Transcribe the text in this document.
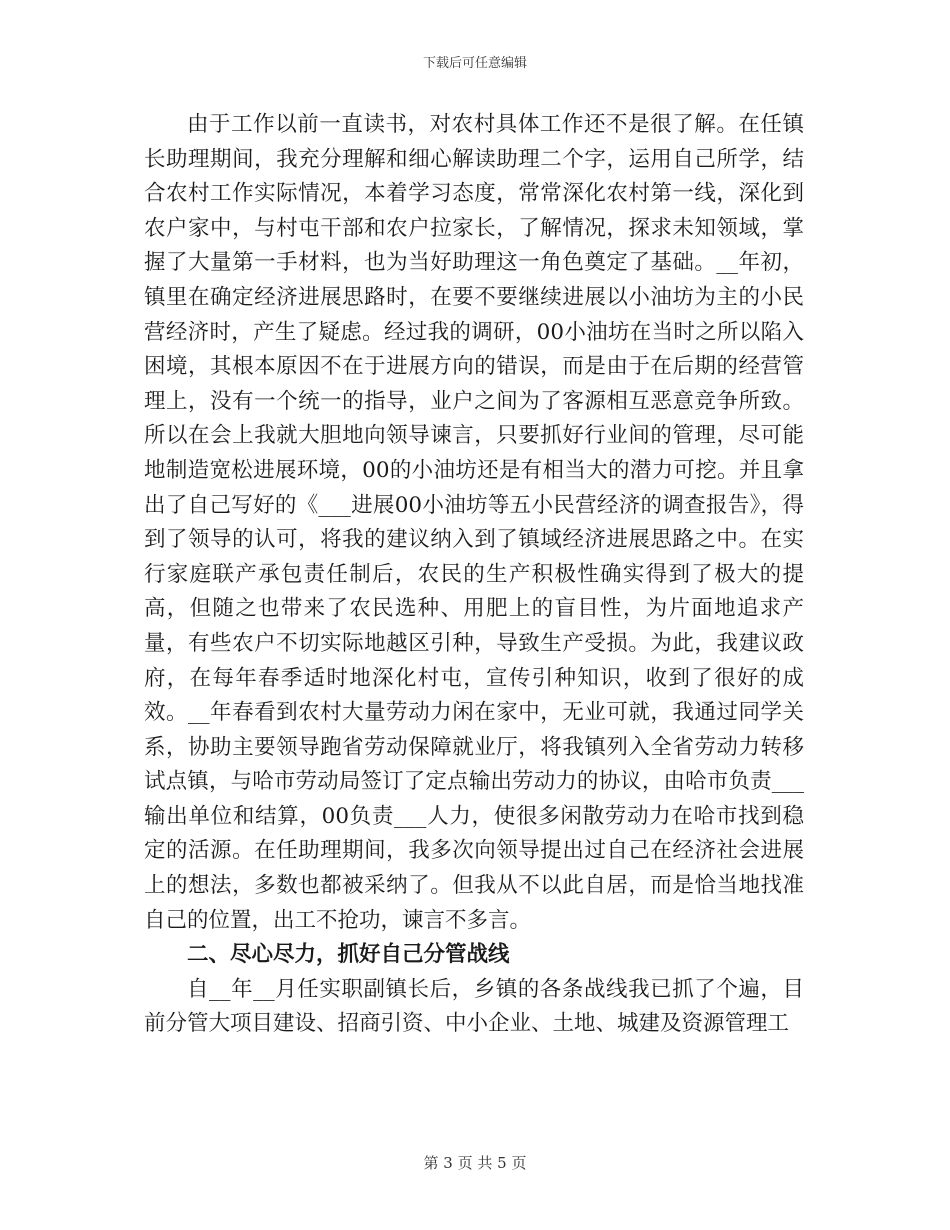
下载后可任意编辑

由于工作以前一直读书，对农村具体工作还不是很了解。在任镇长助理期间，我充分理解和细心解读助理二个字，运用自己所学，结合农村工作实际情况，本着学习态度，常常深化农村第一线，深化到农户家中，与村屯干部和农户拉家长，了解情况，探求未知领域，掌握了大量第一手材料，也为当好助理这一角色奠定了基础。__年初，镇里在确定经济进展思路时，在要不要继续进展以小油坊为主的小民营经济时，产生了疑虑。经过我的调研，00小油坊在当时之所以陷入困境，其根本原因不在于进展方向的错误，而是由于在后期的经营管理上，没有一个统一的指导，业户之间为了客源相互恶意竞争所致。所以在会上我就大胆地向领导谏言，只要抓好行业间的管理，尽可能地制造宽松进展环境，00的小油坊还是有相当大的潜力可挖。并且拿出了自己写好的《___进展00小油坊等五小民营经济的调查报告》，得到了领导的认可，将我的建议纳入到了镇域经济进展思路之中。在实行家庭联产承包责任制后，农民的生产积极性确实得到了极大的提高，但随之也带来了农民选种、用肥上的盲目性，为片面地追求产量，有些农户不切实际地越区引种，导致生产受损。为此，我建议政府，在每年春季适时地深化村屯，宣传引种知识，收到了很好的成效。__年春看到农村大量劳动力闲在家中，无业可就，我通过同学关系，协助主要领导跑省劳动保障就业厅，将我镇列入全省劳动力转移试点镇，与哈市劳动局签订了定点输出劳动力的协议，由哈市负责___输出单位和结算，00负责___人力，使很多闲散劳动力在哈市找到稳定的活源。在任助理期间，我多次向领导提出过自己在经济社会进展上的想法，多数也都被采纳了。但我从不以此自居，而是恰当地找准自己的位置，出工不抢功，谏言不多言。

二、尽心尽力，抓好自己分管战线

自__年__月任实职副镇长后，乡镇的各条战线我已抓了个遍，目前分管大项目建设、招商引资、中小企业、土地、城建及资源管理工

第 3 页 共 5 页
